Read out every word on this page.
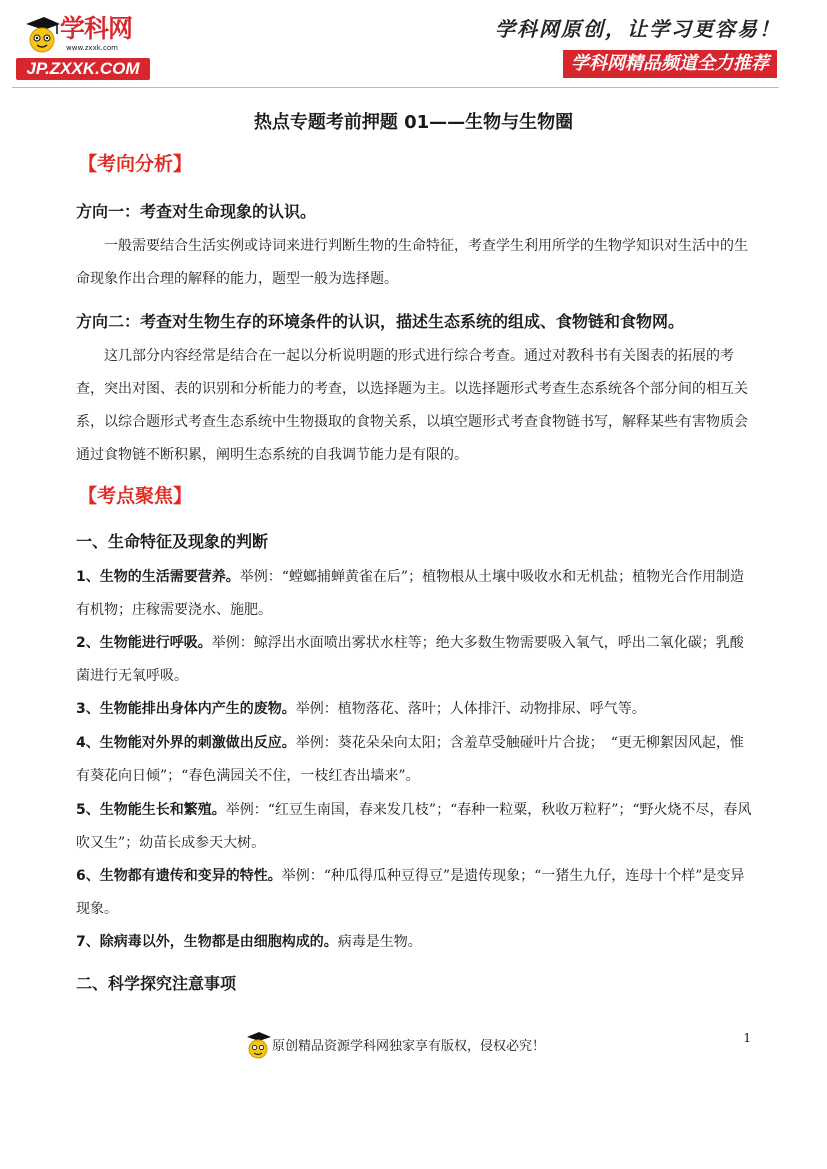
学科网
www.zxxk.com
JP.ZXXK.COM
学科网原创，让学习更容易！
学科网精品频道全力推荐
热点专题考前押题 01——生物与生物圈
【考向分析】
方向一：考查对生命现象的认识。
一般需要结合生活实例或诗词来进行判断生物的生命特征，考查学生利用所学的生物学知识对生活中的生命现象作出合理的解释的能力，题型一般为选择题。
方向二：考查对生物生存的环境条件的认识，描述生态系统的组成、食物链和食物网。
这几部分内容经常是结合在一起以分析说明题的形式进行综合考查。通过对教科书有关图表的拓展的考查，突出对图、表的识别和分析能力的考查，以选择题为主。以选择题形式考查生态系统各个部分间的相互关系，以综合题形式考查生态系统中生物摄取的食物关系，以填空题形式考查食物链书写，解释某些有害物质会通过食物链不断积累，阐明生态系统的自我调节能力是有限的。
【考点聚焦】
一、生命特征及现象的判断
1、生物的生活需要营养。举例：“螳螂捕蝉黄雀在后”；植物根从土壤中吸收水和无机盐；植物光合作用制造有机物；庄稼需要浇水、施肥。
2、生物能进行呼吸。举例：鲸浮出水面喷出雾状水柱等；绝大多数生物需要吸入氧气，呼出二氧化碳；乳酸菌进行无氧呼吸。
3、生物能排出身体内产生的废物。举例：植物落花、落叶；人体排汗、动物排尿、呼气等。
4、生物能对外界的刺激做出反应。举例：葵花朵朵向太阳；含羞草受触碰叶片合拢；　“更无柳絮因风起，惟有葵花向日倾”；“春色满园关不住，一枝红杏出墙来”。
5、生物能生长和繁殖。举例：“红豆生南国，春来发几枝”；“春种一粒粟，秋收万粒籽”；“野火烧不尽，春风吹又生”；幼苗长成参天大树。
6、生物都有遗传和变异的特性。举例：“种瓜得瓜种豆得豆”是遗传现象；“一猪生九仔，连母十个样”是变异现象。
7、除病毒以外，生物都是由细胞构成的。病毒是生物。
二、科学探究注意事项
1
原创精品资源学科网独家享有版权，侵权必究！
